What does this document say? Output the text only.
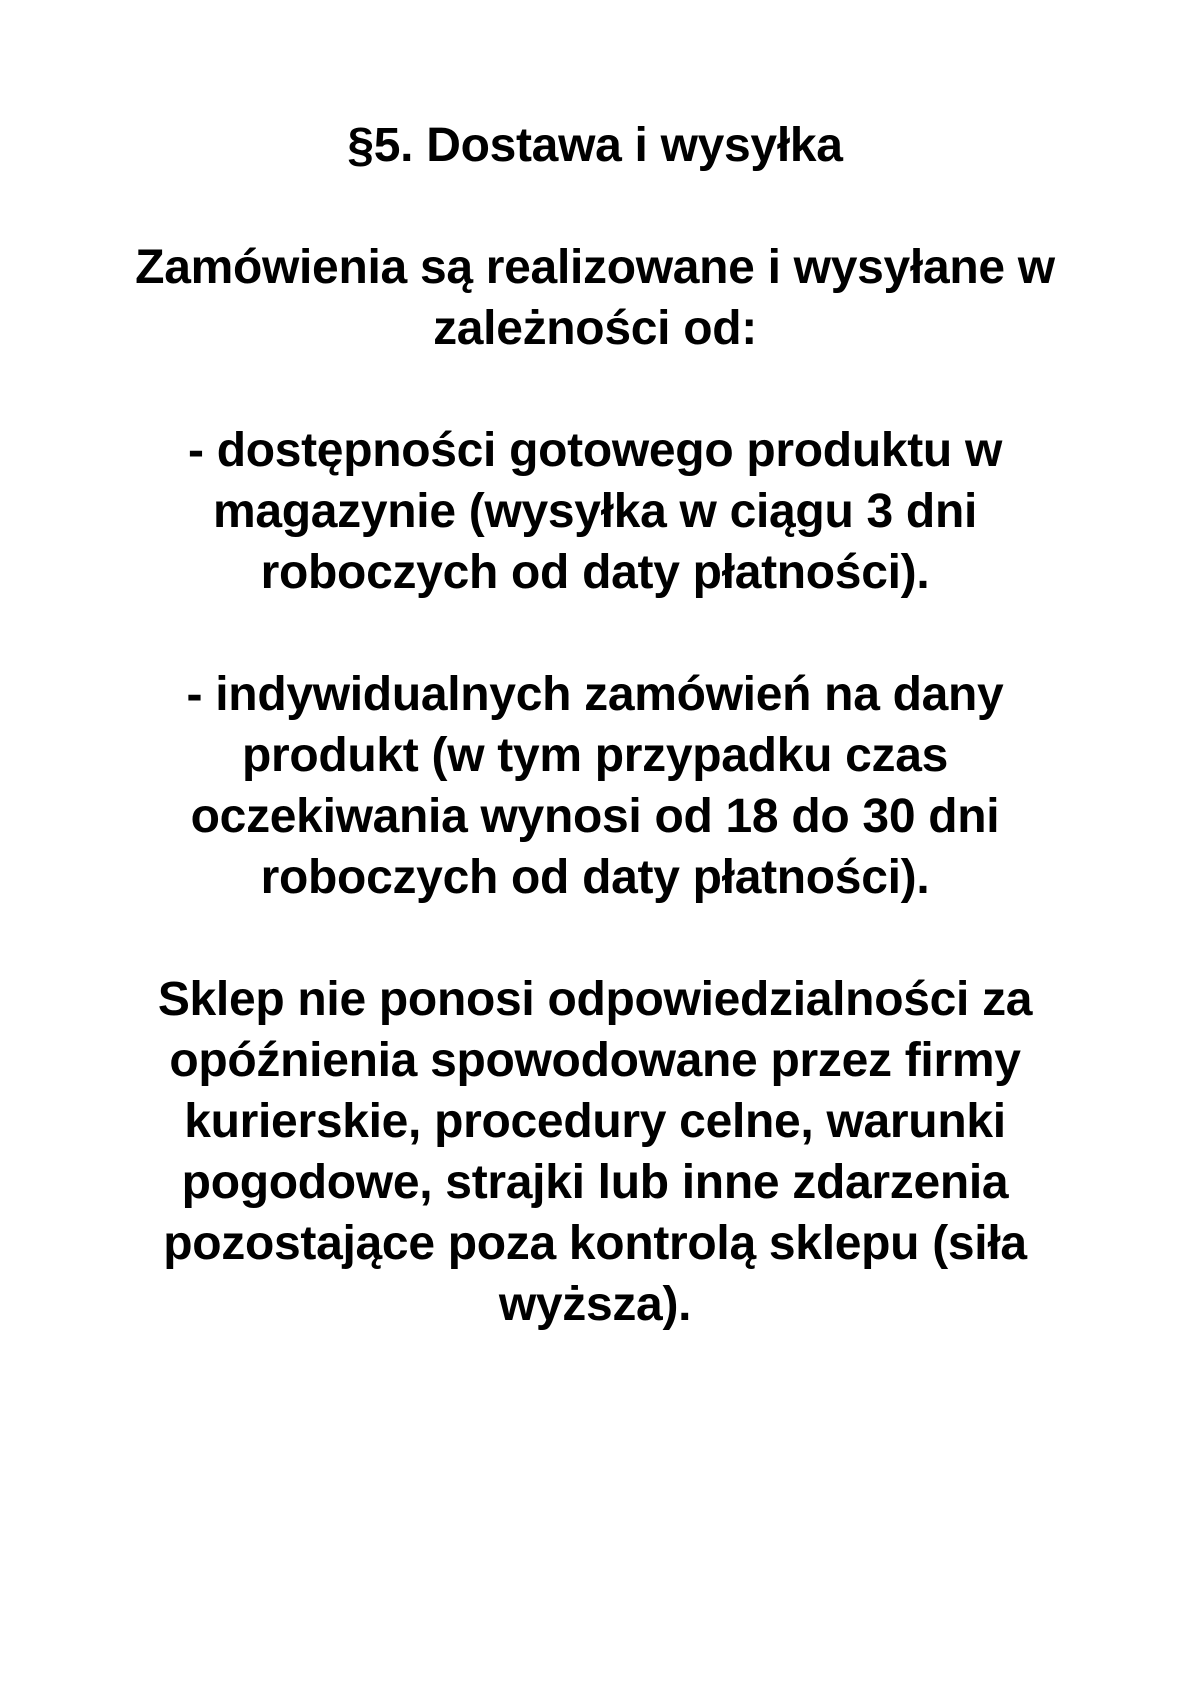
§5. Dostawa i wysyłka
Zamówienia są realizowane i wysyłane w
zależności od:
- dostępności gotowego produktu w
magazynie (wysyłka w ciągu 3 dni
roboczych od daty płatności).
- indywidualnych zamówień na dany
produkt (w tym przypadku czas
oczekiwania wynosi od 18 do 30 dni
roboczych od daty płatności).
Sklep nie ponosi odpowiedzialności za
opóźnienia spowodowane przez firmy
kurierskie, procedury celne, warunki
pogodowe, strajki lub inne zdarzenia
pozostające poza kontrolą sklepu (siła
wyższa).
